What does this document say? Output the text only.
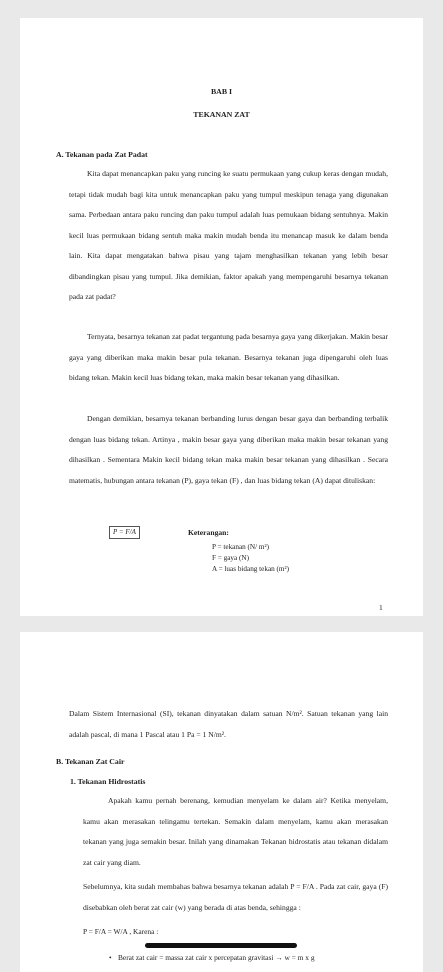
BAB I
TEKANAN ZAT
A. Tekanan pada Zat Padat
Kita dapat menancapkan paku yang runcing ke suatu permukaan yang cukup keras dengan mudah, tetapi tidak mudah bagi kita untuk menancapkan paku yang tumpul meskipun tenaga yang digunakan sama. Perbedaan antara paku runcing dan paku tumpul adalah luas pemukaan bidang sentuhnya. Makin kecil luas permukaan bidang sentuh maka makin mudah benda itu menancap masuk ke dalam benda lain. Kita dapat mengatakan bahwa pisau yang tajam menghasilkan tekanan yang lebih besar dibandingkan pisau yang tumpul. Jika demikian, faktor apakah yang mempengaruhi besarnya tekanan pada zat padat?
Ternyata, besarnya tekanan zat padat tergantung pada besarnya gaya yang dikerjakan. Makin besar gaya yang diberikan maka makin besar pula tekanan. Besarnya tekanan juga dipengaruhi oleh luas bidang tekan. Makin kecil luas bidang tekan, maka makin besar tekanan yang dihasilkan.
Dengan demikian, besarnya tekanan berbanding lurus dengan besar gaya dan berbanding terbalik dengan luas bidang tekan. Artinya , makin besar gaya yang diberikan maka makin besar tekanan yang dihasilkan . Sementara Makin kecil bidang tekan maka makin besar tekanan yang dihasilkan . Secara matematis, hubungan antara tekanan (P), gaya tekan (F) , dan luas bidang tekan (A) dapat dituliskan:
P = F/A	Keterangan:
P = tekanan (N/ m²)
F = gaya (N)
A = luas bidang tekan (m²)
1
Dalam Sistem Internasional (SI), tekanan dinyatakan dalam satuan N/m². Satuan tekanan yang lain adalah pascal, di mana 1 Pascal atau 1 Pa = 1 N/m².
B. Tekanan Zat Cair
1. Tekanan Hidrostatis
Apakah kamu pernah berenang, kemudian menyelam ke dalam air? Ketika menyelam, kamu akan merasakan telingamu tertekan. Semakin dalam menyelam, kamu akan merasakan tekanan yang juga semakin besar. Inilah yang dinamakan Tekanan hidrostatis atau tekanan didalam zat cair yang diam.
Sebelumnya, kita sudah membahas bahwa besarnya tekanan adalah P = F/A . Pada zat cair, gaya (F) disebabkan oleh berat zat cair (w) yang berada di atas benda, sehingga :
P = F/A = W/A , Karena :
• Berat zat cair = massa zat cair x percepatan gravitasi → w = m x g
